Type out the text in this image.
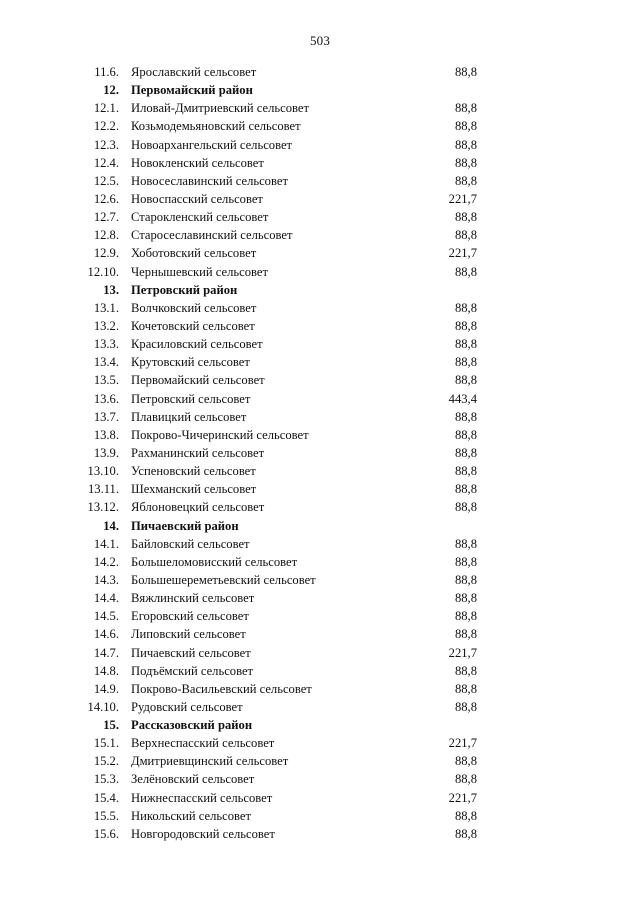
503
11.6. Ярославский сельсовет	88,8
12. Первомайский район
12.1. Иловай-Дмитриевский сельсовет	88,8
12.2. Козьмодемьяновский сельсовет	88,8
12.3. Новоархангельский сельсовет	88,8
12.4. Новокленский сельсовет	88,8
12.5. Новосеславинский сельсовет	88,8
12.6. Новоспасский сельсовет	221,7
12.7. Старокленский сельсовет	88,8
12.8. Старосеславинский сельсовет	88,8
12.9. Хоботовский сельсовет	221,7
12.10. Чернышевский сельсовет	88,8
13. Петровский район
13.1. Волчковский сельсовет	88,8
13.2. Кочетовский сельсовет	88,8
13.3. Красиловский сельсовет	88,8
13.4. Крутовский сельсовет	88,8
13.5. Первомайский сельсовет	88,8
13.6. Петровский сельсовет	443,4
13.7. Плавицкий сельсовет	88,8
13.8. Покрово-Чичеринский сельсовет	88,8
13.9. Рахманинский сельсовет	88,8
13.10. Успеновский сельсовет	88,8
13.11. Шехманский сельсовет	88,8
13.12. Яблоновецкий сельсовет	88,8
14. Пичаевский район
14.1. Байловский сельсовет	88,8
14.2. Большеломовисский сельсовет	88,8
14.3. Большешереметьевский сельсовет	88,8
14.4. Вяжлинский сельсовет	88,8
14.5. Егоровский сельсовет	88,8
14.6. Липовский сельсовет	88,8
14.7. Пичаевский сельсовет	221,7
14.8. Подъёмский сельсовет	88,8
14.9. Покрово-Васильевский сельсовет	88,8
14.10. Рудовский сельсовет	88,8
15. Рассказовский район
15.1. Верхнеспасский сельсовет	221,7
15.2. Дмитриевщинский сельсовет	88,8
15.3. Зелёновский сельсовет	88,8
15.4. Нижнеспасский сельсовет	221,7
15.5. Никольский сельсовет	88,8
15.6. Новгородовский сельсовет	88,8
